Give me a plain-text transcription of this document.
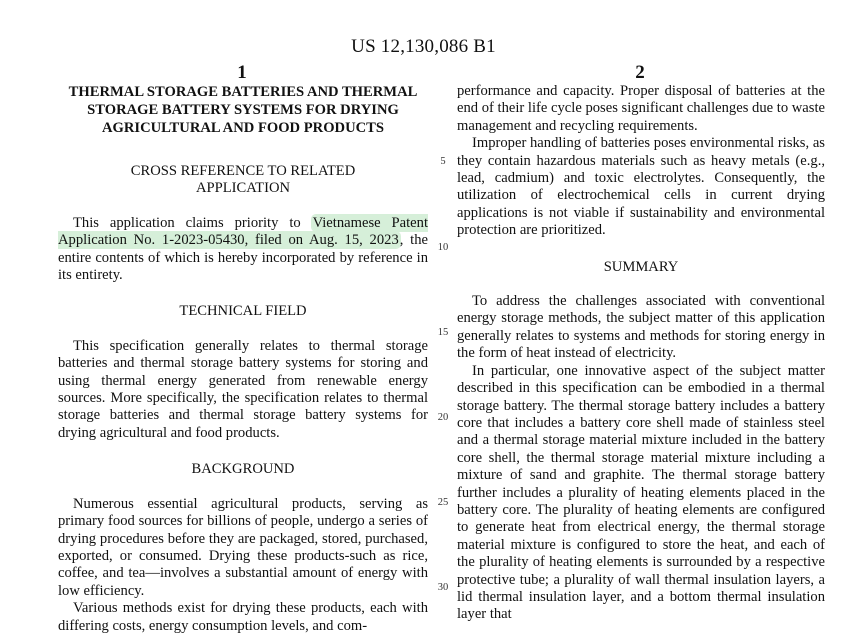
US 12,130,086 B1
1	2
THERMAL STORAGE BATTERIES AND THERMAL STORAGE BATTERY SYSTEMS FOR DRYING AGRICULTURAL AND FOOD PRODUCTS
CROSS REFERENCE TO RELATED APPLICATION

This application claims priority to Vietnamese Patent Application No. 1-2023-05430, filed on Aug. 15, 2023, the entire contents of which is hereby incorporated by reference in its entirety.

TECHNICAL FIELD

This specification generally relates to thermal storage batteries and thermal storage battery systems for storing and using thermal energy generated from renewable energy sources. More specifically, the specification relates to thermal storage batteries and thermal storage battery systems for drying agricultural and food products.

BACKGROUND

Numerous essential agricultural products, serving as primary food sources for billions of people, undergo a series of drying procedures before they are packaged, stored, purchased, exported, or consumed. Drying these products-such as rice, coffee, and tea—involves a substantial amount of energy with low efficiency.

Various methods exist for drying these products, each with differing costs, energy consumption levels, and com-

5
10
15
20
25
30

performance and capacity. Proper disposal of batteries at the end of their life cycle poses significant challenges due to waste management and recycling requirements.

Improper handling of batteries poses environmental risks, as they contain hazardous materials such as heavy metals (e.g., lead, cadmium) and toxic electrolytes. Consequently, the utilization of electrochemical cells in current drying applications is not viable if sustainability and environmental protection are prioritized.

SUMMARY

To address the challenges associated with conventional energy storage methods, the subject matter of this application generally relates to systems and methods for storing energy in the form of heat instead of electricity.

In particular, one innovative aspect of the subject matter described in this specification can be embodied in a thermal storage battery. The thermal storage battery includes a battery core that includes a battery core shell made of stainless steel and a thermal storage material mixture included in the battery core shell, the thermal storage material mixture including a mixture of sand and graphite. The thermal storage battery further includes a plurality of heating elements placed in the battery core. The plurality of heating elements are configured to generate heat from electrical energy, the thermal storage material mixture is configured to store the heat, and each of the plurality of heating elements is surrounded by a respective protective tube; a plurality of wall thermal insulation layers, a lid thermal insulation layer, and a bottom thermal insulation layer that
